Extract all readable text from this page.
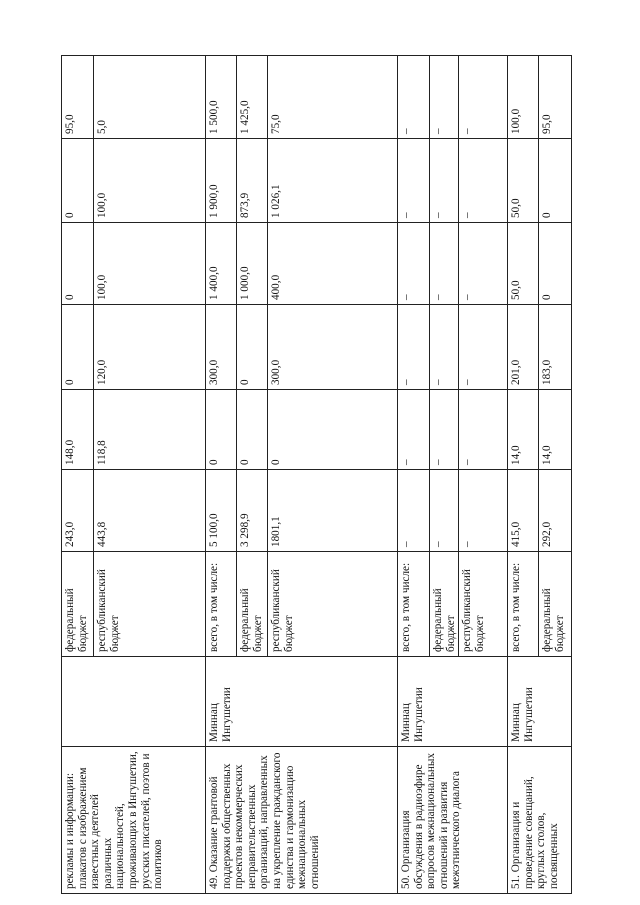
рекламы и информации: плакатов с изображением известных деятелей различных национальностей, проживающих в Ингушетии, русских писателей, поэтов и политиков		федеральный бюджет	243,0	148,0	0	0	0	95,0
		республиканский бюджет	443,8	118,8	120,0	100,0	100,0	5,0
49. Оказание грантовой поддержки общественных проектов некоммерческих неправительственных организаций, направленных на укрепление гражданского единства и гармонизацию межнациональных отношений	Миннац Ингушетии	всего, в том числе:	5 100,0	0	300,0	1 400,0	1 900,0	1 500,0
		федеральный бюджет	3 298,9	0	0	1 000,0	873,9	1 425,0
		республиканский бюджет	1801,1	0	300,0	400,0	1 026,1	75,0
50. Организация обсуждения в радиоэфире вопросов межнациональных отношений и развития межэтнического диалога	Миннац Ингушетии	всего, в том числе:	–	–	–	–	–	–
		федеральный бюджет	–	–	–	–	–	–
		республиканский бюджет	–	–	–	–	–	–
51. Организация и проведение совещаний, круглых столов, посвященных	Миннац Ингушетии	всего, в том числе:	415,0	14,0	201,0	50,0	50,0	100,0
		федеральный бюджет	292,0	14,0	183,0	0	0	95,0
